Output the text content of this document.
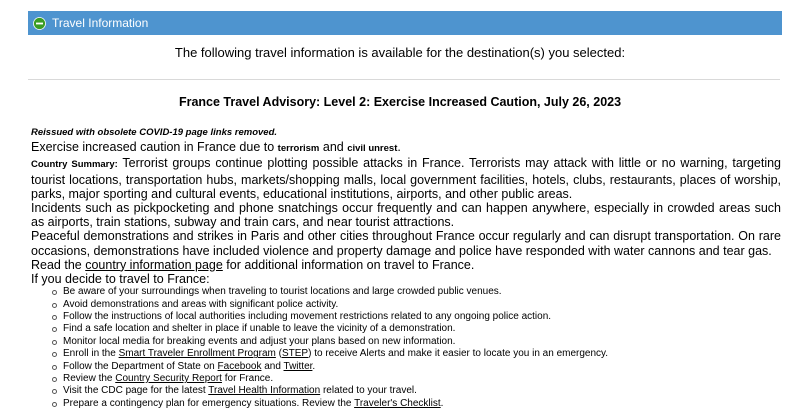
Travel Information
The following travel information is available for the destination(s) you selected:
France Travel Advisory: Level 2: Exercise Increased Caution, July 26, 2023
Reissued with obsolete COVID-19 page links removed.
Exercise increased caution in France due to terrorism and civil unrest.
Country Summary: Terrorist groups continue plotting possible attacks in France. Terrorists may attack with little or no warning, targeting tourist locations, transportation hubs, markets/shopping malls, local government facilities, hotels, clubs, restaurants, places of worship, parks, major sporting and cultural events, educational institutions, airports, and other public areas.
Incidents such as pickpocketing and phone snatchings occur frequently and can happen anywhere, especially in crowded areas such as airports, train stations, subway and train cars, and near tourist attractions.
Peaceful demonstrations and strikes in Paris and other cities throughout France occur regularly and can disrupt transportation. On rare occasions, demonstrations have included violence and property damage and police have responded with water cannons and tear gas.
Read the country information page for additional information on travel to France.
If you decide to travel to France:
Be aware of your surroundings when traveling to tourist locations and large crowded public venues.
Avoid demonstrations and areas with significant police activity.
Follow the instructions of local authorities including movement restrictions related to any ongoing police action.
Find a safe location and shelter in place if unable to leave the vicinity of a demonstration.
Monitor local media for breaking events and adjust your plans based on new information.
Enroll in the Smart Traveler Enrollment Program (STEP) to receive Alerts and make it easier to locate you in an emergency.
Follow the Department of State on Facebook and Twitter.
Review the Country Security Report for France.
Visit the CDC page for the latest Travel Health Information related to your travel.
Prepare a contingency plan for emergency situations. Review the Traveler's Checklist.
